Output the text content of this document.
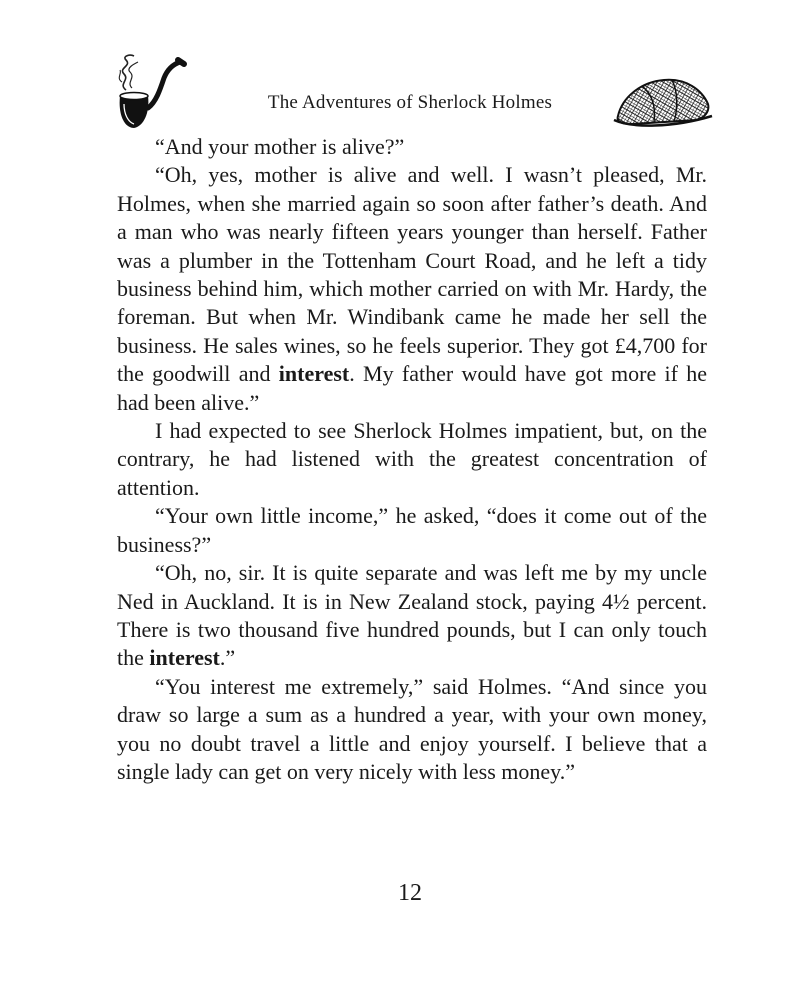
The Adventures of Sherlock Holmes

“And your mother is alive?”

“Oh, yes, mother is alive and well. I wasn’t pleased, Mr. Holmes, when she married again so soon after father’s death. And a man who was nearly fifteen years younger than herself. Father was a plumber in the Tottenham Court Road, and he left a tidy business behind him, which mother carried on with Mr. Hardy, the foreman. But when Mr. Windibank came he made her sell the business. He sales wines, so he feels superior. They got £4,700 for the goodwill and interest. My father would have got more if he had been alive.”

I had expected to see Sherlock Holmes impatient, but, on the contrary, he had listened with the greatest concentration of attention.

“Your own little income,” he asked, “does it come out of the business?”

“Oh, no, sir. It is quite separate and was left me by my uncle Ned in Auckland. It is in New Zealand stock, paying 4½ percent. There is two thousand five hundred pounds, but I can only touch the interest.”

“You interest me extremely,” said Holmes. “And since you draw so large a sum as a hundred a year, with your own money, you no doubt travel a little and enjoy yourself. I believe that a single lady can get on very nicely with less money.”

12
